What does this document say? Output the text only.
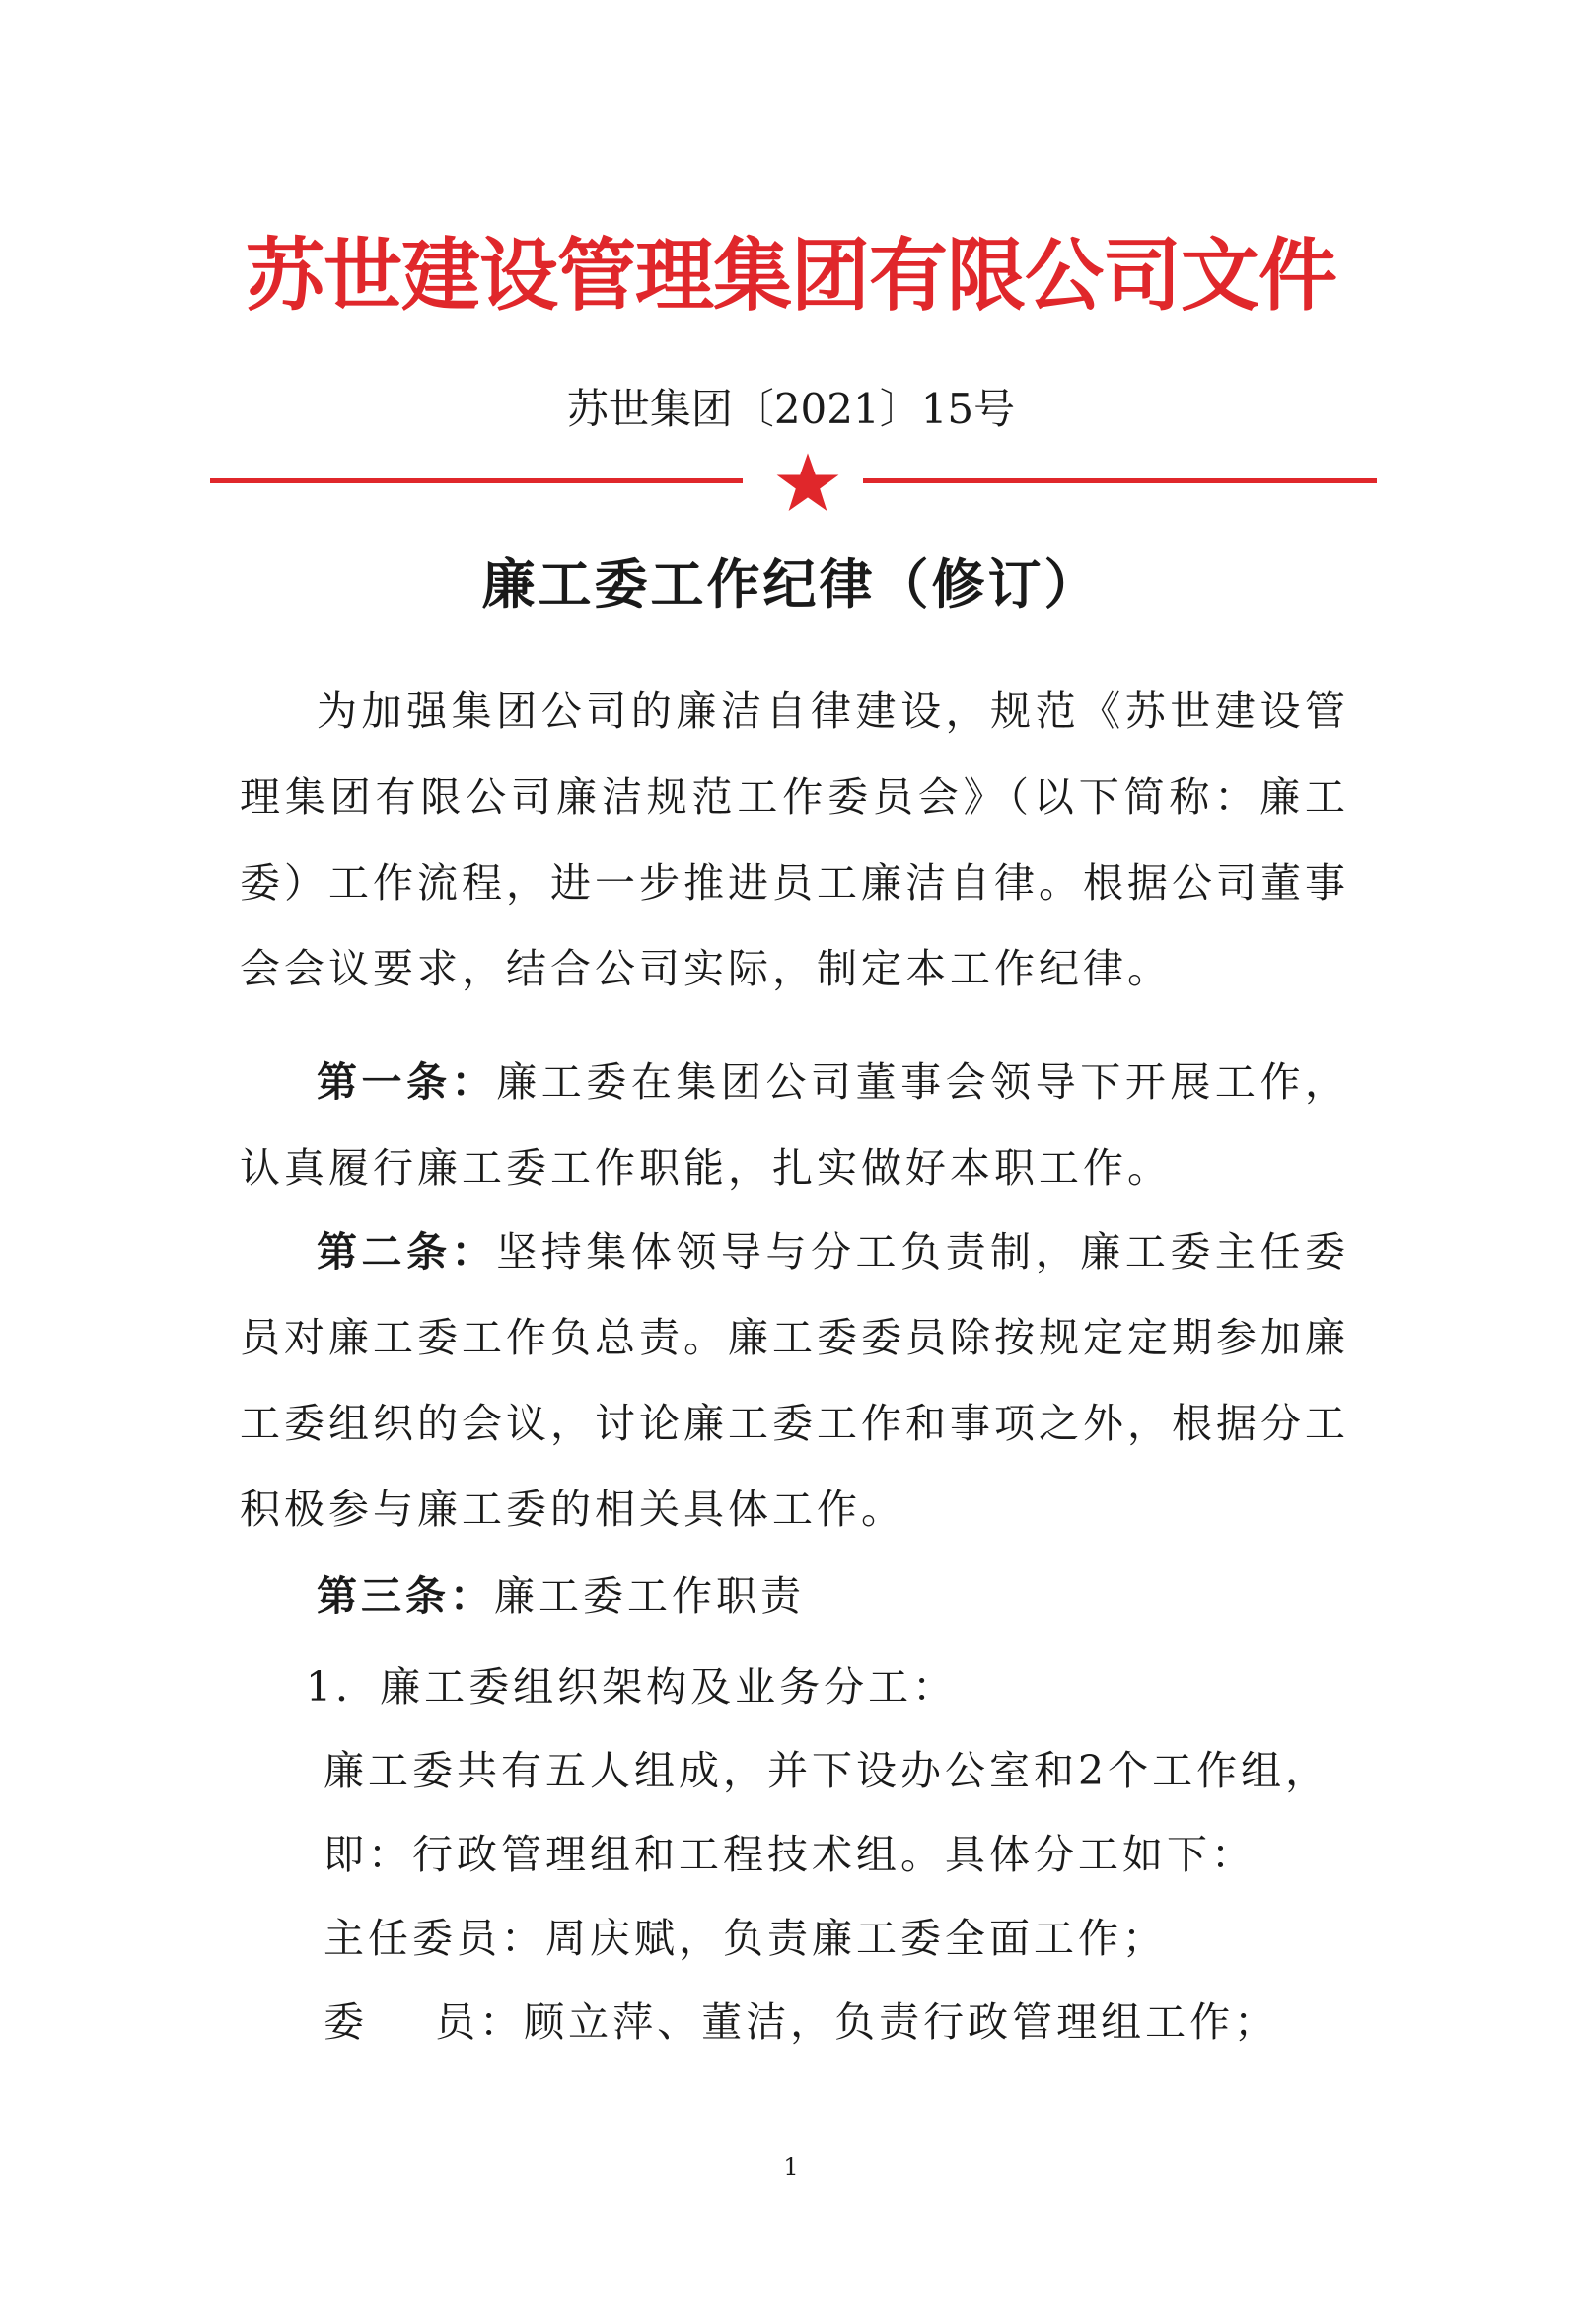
苏世建设管理集团有限公司文件
苏世集团〔2021〕15号
廉工委工作纪律（修订）

为加强集团公司的廉洁自律建设，规范《苏世建设管理集团有限公司廉洁规范工作委员会》（以下简称：廉工委）工作流程，进一步推进员工廉洁自律。根据公司董事会会议要求，结合公司实际，制定本工作纪律。

第一条：廉工委在集团公司董事会领导下开展工作，认真履行廉工委工作职能，扎实做好本职工作。

第二条：坚持集体领导与分工负责制，廉工委主任委员对廉工委工作负总责。廉工委委员除按规定定期参加廉工委组织的会议，讨论廉工委工作和事项之外，根据分工积极参与廉工委的相关具体工作。

第三条：廉工委工作职责

1．廉工委组织架构及业务分工：
廉工委共有五人组成，并下设办公室和2个工作组，
即：行政管理组和工程技术组。具体分工如下：
主任委员：周庆赋，负责廉工委全面工作；
委    员：顾立萍、董洁，负责行政管理组工作；
1
